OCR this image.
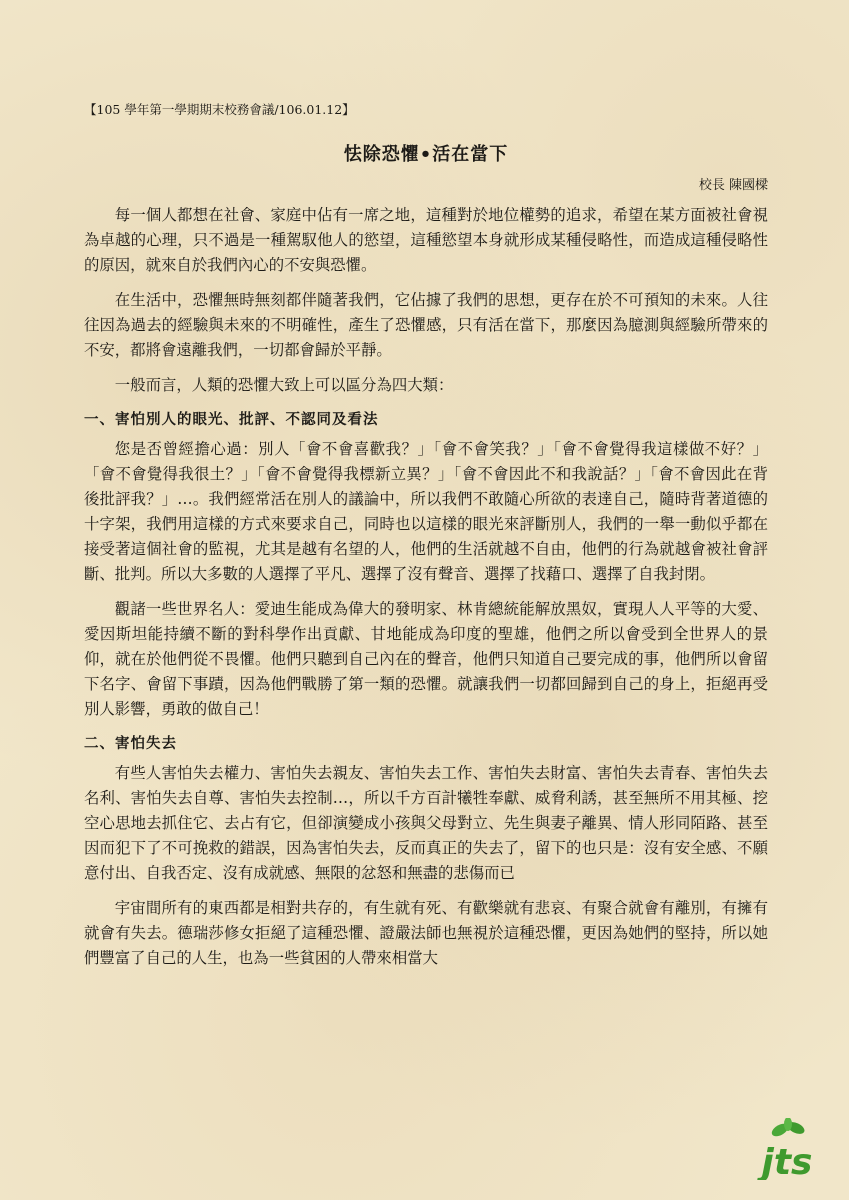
【105 學年第一學期期末校務會議/106.01.12】

怯除恐懼•活在當下

校長 陳國樑

每一個人都想在社會、家庭中佔有一席之地，這種對於地位權勢的追求，希望在某方面被社會視為卓越的心理，只不過是一種駕馭他人的慾望，這種慾望本身就形成某種侵略性，而造成這種侵略性的原因，就來自於我們內心的不安與恐懼。

在生活中，恐懼無時無刻都伴隨著我們，它佔據了我們的思想，更存在於不可預知的未來。人往往因為過去的經驗與未來的不明確性，產生了恐懼感，只有活在當下，那麼因為臆測與經驗所帶來的不安，都將會遠離我們，一切都會歸於平靜。

一般而言，人類的恐懼大致上可以區分為四大類：

一、害怕別人的眼光、批評、不認同及看法

您是否曾經擔心過：別人「會不會喜歡我？」「會不會笑我？」「會不會覺得我這樣做不好？」「會不會覺得我很土？」「會不會覺得我標新立異？」「會不會因此不和我說話？」「會不會因此在背後批評我？」…。我們經常活在別人的議論中，所以我們不敢隨心所欲的表達自己，隨時背著道德的十字架，我們用這樣的方式來要求自己，同時也以這樣的眼光來評斷別人，我們的一舉一動似乎都在接受著這個社會的監視，尤其是越有名望的人，他們的生活就越不自由，他們的行為就越會被社會評斷、批判。所以大多數的人選擇了平凡、選擇了沒有聲音、選擇了找藉口、選擇了自我封閉。

觀諸一些世界名人：愛迪生能成為偉大的發明家、林肯總統能解放黑奴，實現人人平等的大愛、愛因斯坦能持續不斷的對科學作出貢獻、甘地能成為印度的聖雄，他們之所以會受到全世界人的景仰，就在於他們從不畏懼。他們只聽到自己內在的聲音，他們只知道自己要完成的事，他們所以會留下名字、會留下事蹟，因為他們戰勝了第一類的恐懼。就讓我們一切都回歸到自己的身上，拒絕再受別人影響，勇敢的做自己！

二、害怕失去

有些人害怕失去權力、害怕失去親友、害怕失去工作、害怕失去財富、害怕失去青春、害怕失去名利、害怕失去自尊、害怕失去控制…，所以千方百計犧牲奉獻、威脅利誘，甚至無所不用其極、挖空心思地去抓住它、去占有它，但卻演變成小孩與父母對立、先生與妻子離異、情人形同陌路、甚至因而犯下了不可挽救的錯誤，因為害怕失去，反而真正的失去了，留下的也只是：沒有安全感、不願意付出、自我否定、沒有成就感、無限的忿怒和無盡的悲傷而已

宇宙間所有的東西都是相對共存的，有生就有死、有歡樂就有悲哀、有聚合就會有離別，有擁有就會有失去。德瑞莎修女拒絕了這種恐懼、證嚴法師也無視於這種恐懼，更因為她們的堅持，所以她們豐富了自己的人生，也為一些貧困的人帶來相當大

jts
